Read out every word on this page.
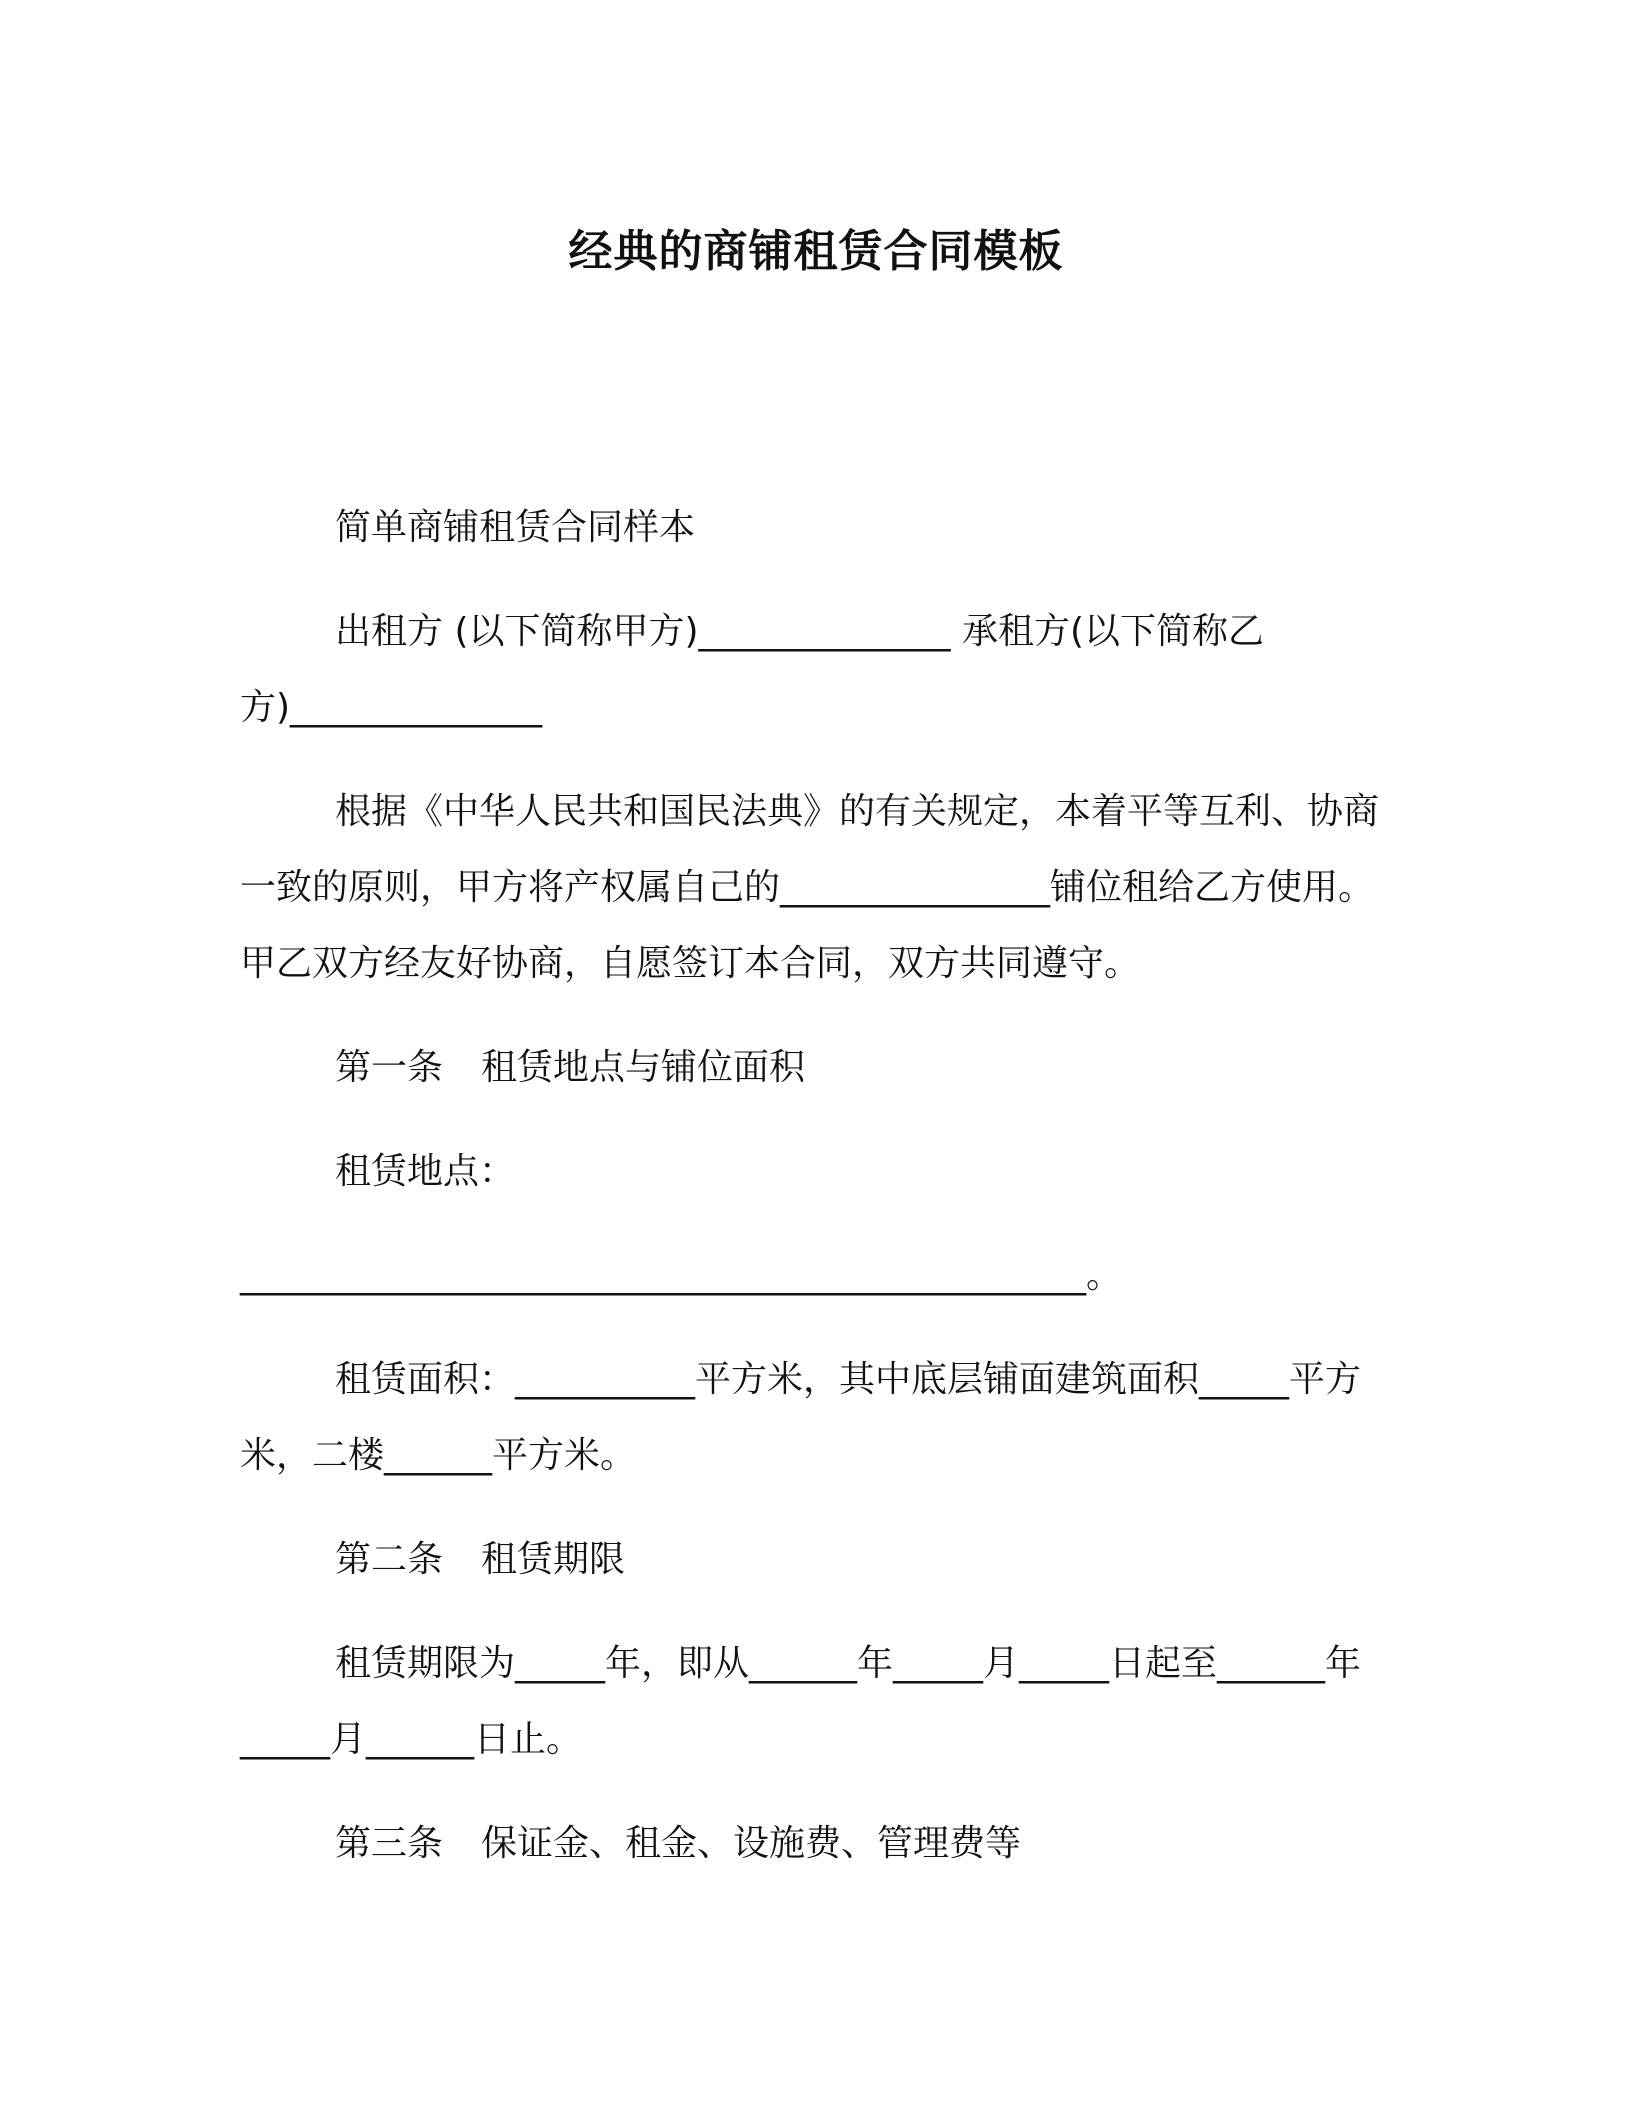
经典的商铺租赁合同模板

简单商铺租赁合同样本

出租方 (以下简称甲方)______________ 承租方(以下简称乙方)______________

根据《中华人民共和国民法典》的有关规定，本着平等互利、协商一致的原则，甲方将产权属自己的_______________铺位租给乙方使用。甲乙双方经友好协商，自愿签订本合同，双方共同遵守。

第一条 租赁地点与铺位面积

租赁地点：

_______________________________________________。

租赁面积：__________平方米，其中底层铺面建筑面积_____平方米，二楼______平方米。

第二条 租赁期限

租赁期限为_____年，即从______年_____月_____日起至______年_____月______日止。

第三条 保证金、租金、设施费、管理费等
